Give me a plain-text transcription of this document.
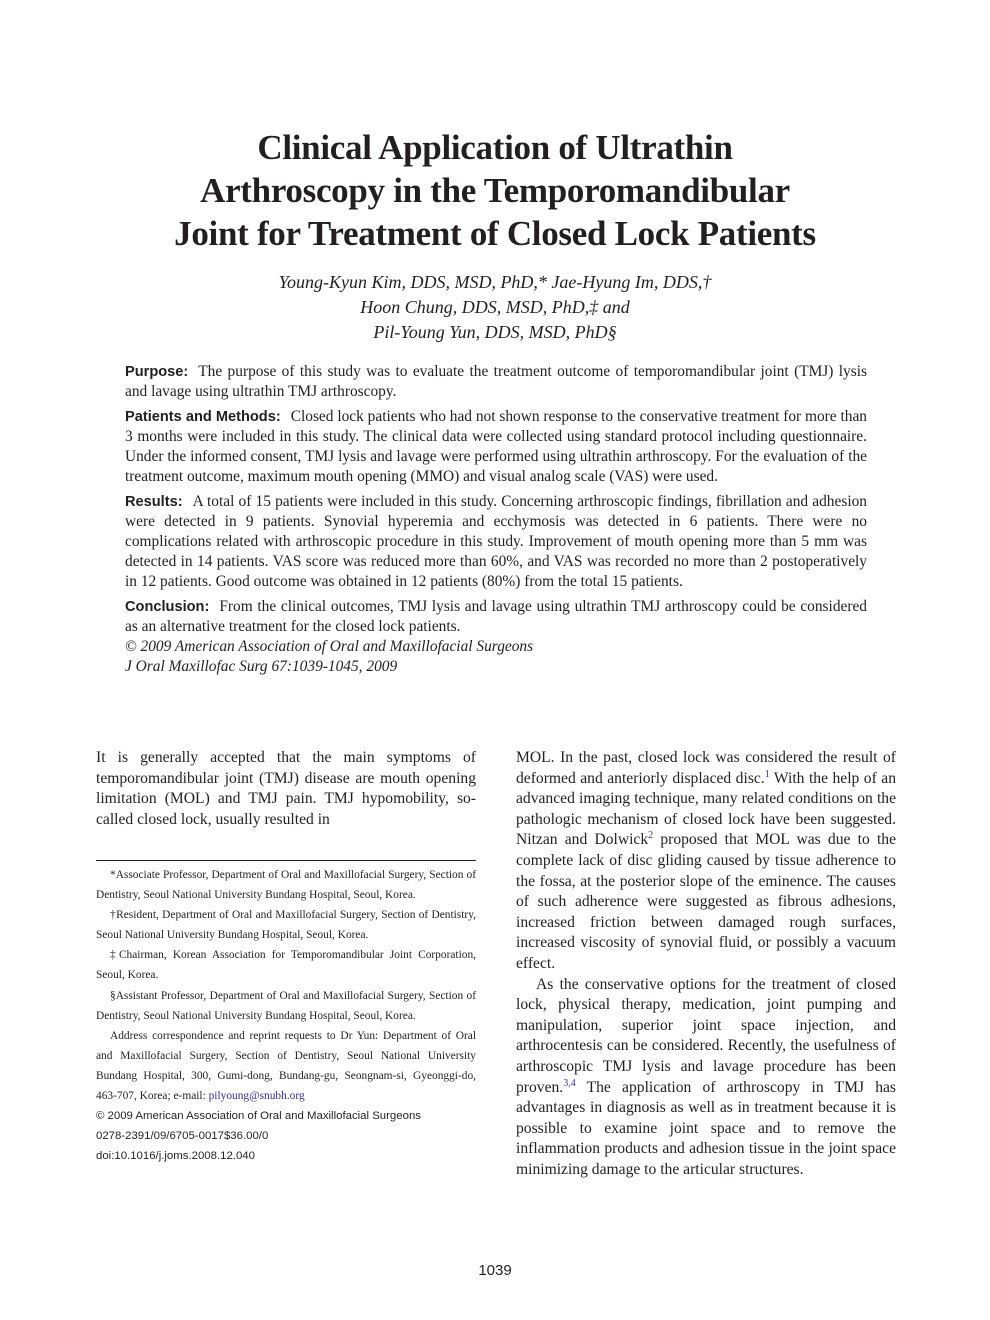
Clinical Application of Ultrathin
Arthroscopy in the Temporomandibular
Joint for Treatment of Closed Lock Patients
Young-Kyun Kim, DDS, MSD, PhD,* Jae-Hyung Im, DDS,†
Hoon Chung, DDS, MSD, PhD,‡ and
Pil-Young Yun, DDS, MSD, PhD§

Purpose: The purpose of this study was to evaluate the treatment outcome of temporomandibular joint (TMJ) lysis and lavage using ultrathin TMJ arthroscopy.

Patients and Methods: Closed lock patients who had not shown response to the conservative treatment for more than 3 months were included in this study. The clinical data were collected using standard protocol including questionnaire. Under the informed consent, TMJ lysis and lavage were performed using ultrathin arthroscopy. For the evaluation of the treatment outcome, maximum mouth opening (MMO) and visual analog scale (VAS) were used.

Results: A total of 15 patients were included in this study. Concerning arthroscopic findings, fibrillation and adhesion were detected in 9 patients. Synovial hyperemia and ecchymosis was detected in 6 patients. There were no complications related with arthroscopic procedure in this study. Improvement of mouth opening more than 5 mm was detected in 14 patients. VAS score was reduced more than 60%, and VAS was recorded no more than 2 postoperatively in 12 patients. Good outcome was obtained in 12 patients (80%) from the total 15 patients.

Conclusion: From the clinical outcomes, TMJ lysis and lavage using ultrathin TMJ arthroscopy could be considered as an alternative treatment for the closed lock patients.

© 2009 American Association of Oral and Maxillofacial Surgeons
J Oral Maxillofac Surg 67:1039-1045, 2009

It is generally accepted that the main symptoms of temporomandibular joint (TMJ) disease are mouth opening limitation (MOL) and TMJ pain. TMJ hypomobility, so-called closed lock, usually resulted in

*Associate Professor, Department of Oral and Maxillofacial Surgery, Section of Dentistry, Seoul National University Bundang Hospital, Seoul, Korea.

†Resident, Department of Oral and Maxillofacial Surgery, Section of Dentistry, Seoul National University Bundang Hospital, Seoul, Korea.

‡Chairman, Korean Association for Temporomandibular Joint Corporation, Seoul, Korea.

§Assistant Professor, Department of Oral and Maxillofacial Surgery, Section of Dentistry, Seoul National University Bundang Hospital, Seoul, Korea.

Address correspondence and reprint requests to Dr Yun: Department of Oral and Maxillofacial Surgery, Section of Dentistry, Seoul National University Bundang Hospital, 300, Gumi-dong, Bundang-gu, Seongnam-si, Gyeonggi-do, 463-707, Korea; e-mail: pilyoung@snubh.org

© 2009 American Association of Oral and Maxillofacial Surgeons

0278-2391/09/6705-0017$36.00/0

doi:10.1016/j.joms.2008.12.040

MOL. In the past, closed lock was considered the result of deformed and anteriorly displaced disc.$^1$ With the help of an advanced imaging technique, many related conditions on the pathologic mechanism of closed lock have been suggested. Nitzan and Dolwick$^2$ proposed that MOL was due to the complete lack of disc gliding caused by tissue adherence to the fossa, at the posterior slope of the eminence. The causes of such adherence were suggested as fibrous adhesions, increased friction between damaged rough surfaces, increased viscosity of synovial fluid, or possibly a vacuum effect.

As the conservative options for the treatment of closed lock, physical therapy, medication, joint pumping and manipulation, superior joint space injection, and arthrocentesis can be considered. Recently, the usefulness of arthroscopic TMJ lysis and lavage procedure has been proven.$^{3,4}$ The application of arthroscopy in TMJ has advantages in diagnosis as well as in treatment because it is possible to examine joint space and to remove the inflammation products and adhesion tissue in the joint space minimizing damage to the articular structures.

1039
